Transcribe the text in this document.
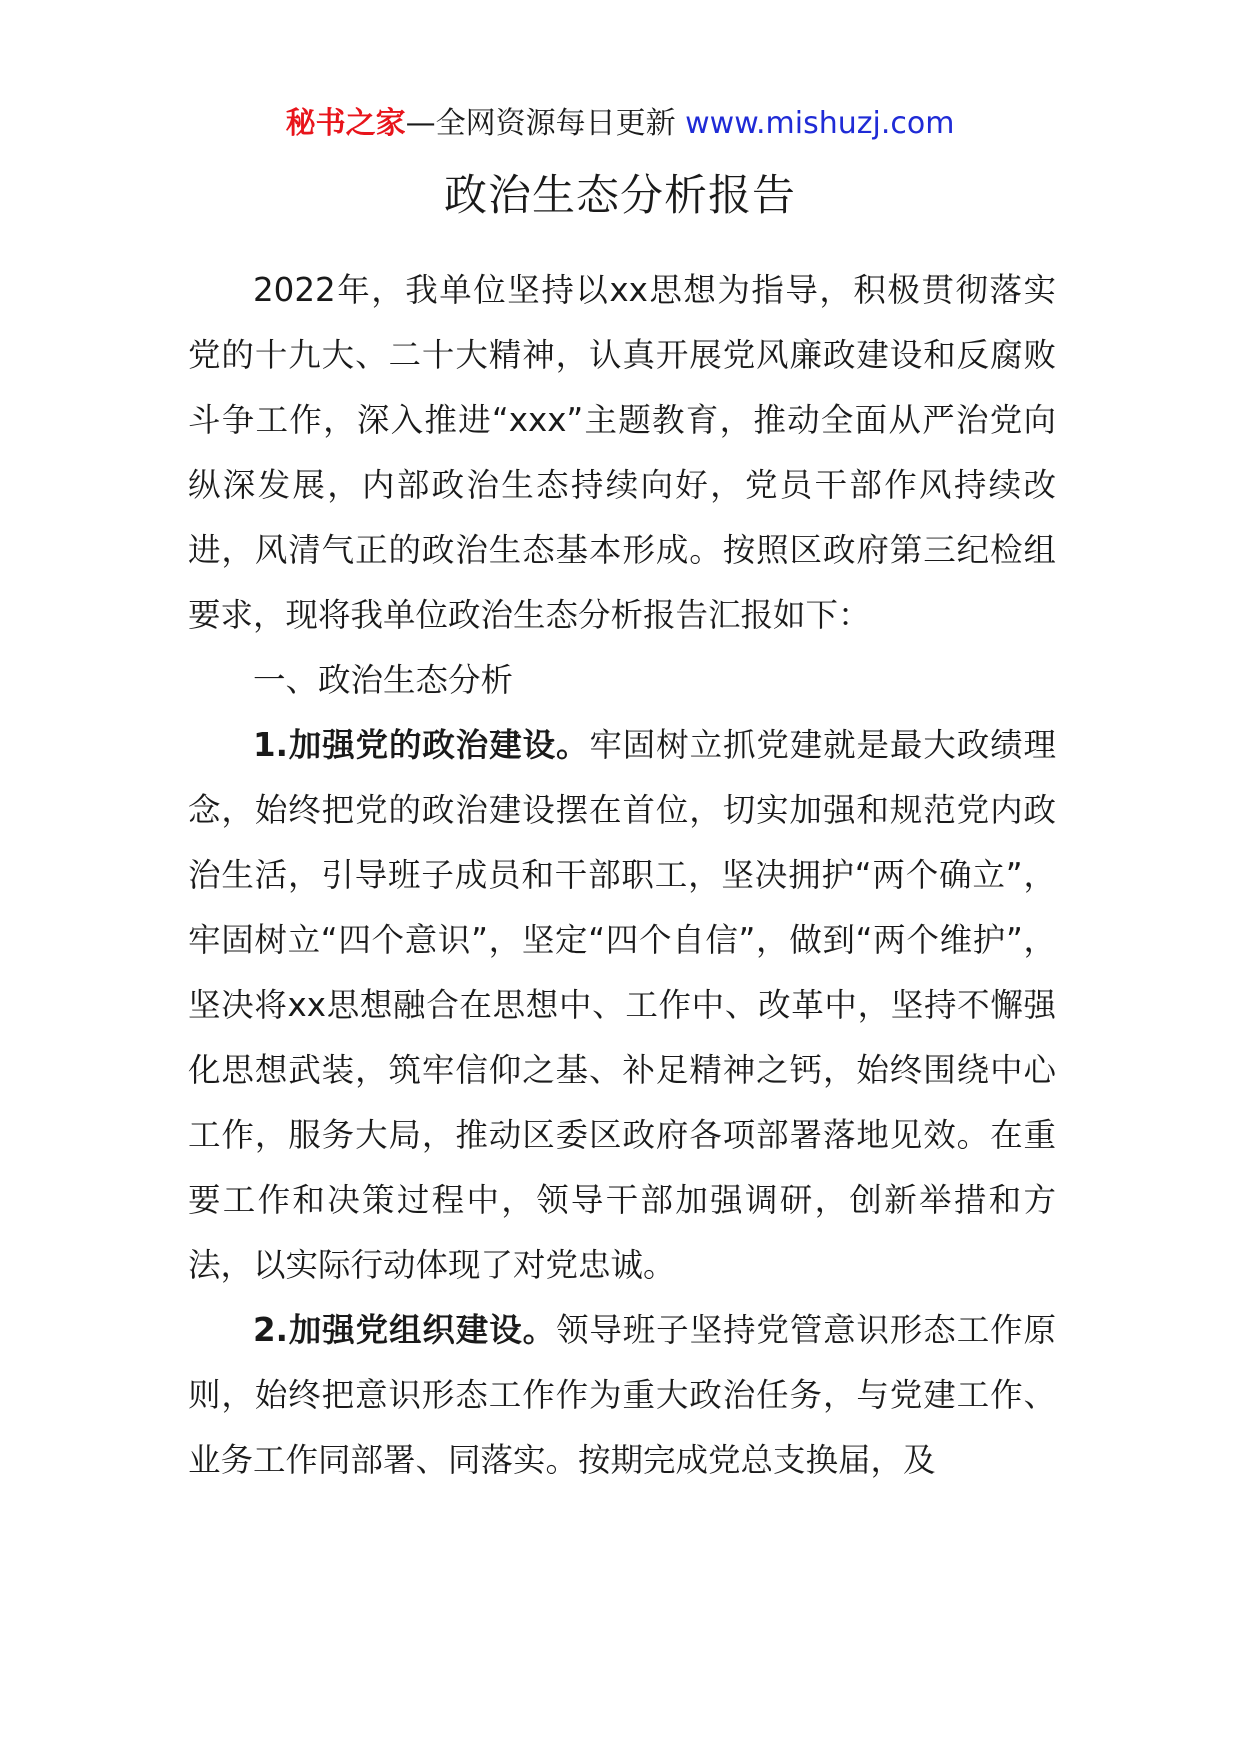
秘书之家—全网资源每日更新 www.mishuzj.com
政治生态分析报告

2022年，我单位坚持以xx思想为指导，积极贯彻落实党的十九大、二十大精神，认真开展党风廉政建设和反腐败斗争工作，深入推进“xxx”主题教育，推动全面从严治党向纵深发展，内部政治生态持续向好，党员干部作风持续改进，风清气正的政治生态基本形成。按照区政府第三纪检组要求，现将我单位政治生态分析报告汇报如下：

一、政治生态分析

1.加强党的政治建设。牢固树立抓党建就是最大政绩理念，始终把党的政治建设摆在首位，切实加强和规范党内政治生活，引导班子成员和干部职工，坚决拥护“两个确立”，牢固树立“四个意识”，坚定“四个自信”，做到“两个维护”，坚决将xx思想融合在思想中、工作中、改革中，坚持不懈强化思想武装，筑牢信仰之基、补足精神之钙，始终围绕中心工作，服务大局，推动区委区政府各项部署落地见效。在重要工作和决策过程中，领导干部加强调研，创新举措和方法，以实际行动体现了对党忠诚。

2.加强党组织建设。领导班子坚持党管意识形态工作原则，始终把意识形态工作作为重大政治任务，与党建工作、业务工作同部署、同落实。按期完成党总支换届，及
